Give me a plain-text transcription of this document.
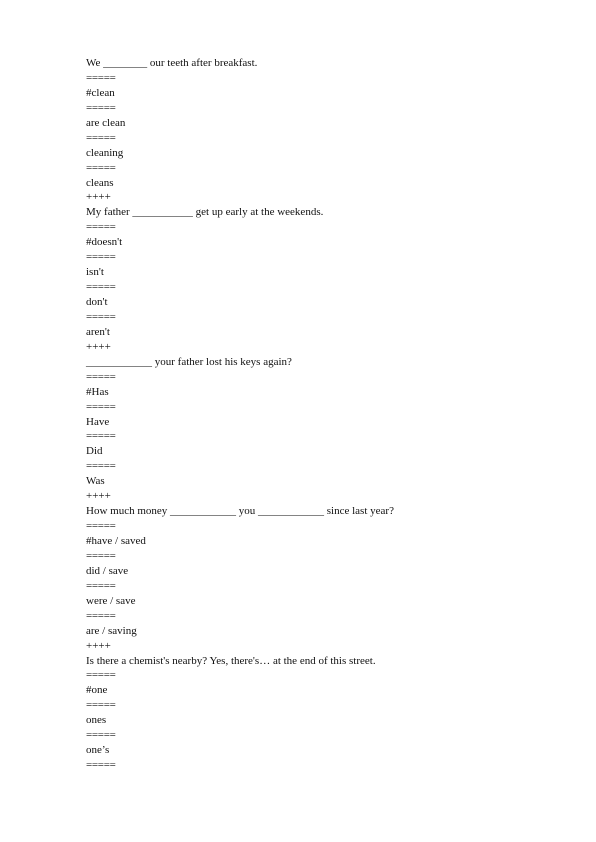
We ________ our teeth after breakfast.
=====
#clean
=====
are clean
=====
cleaning
=====
cleans
++++
My father ___________ get up early at the weekends.
=====
#doesn't
=====
isn't
=====
don't
=====
aren't
++++
____________ your father lost his keys again?
=====
#Has
=====
Have
=====
Did
=====
Was
++++
How much money ____________ you ____________ since last year?
=====
#have / saved
=====
did / save
=====
were / save
=====
are / saving
++++
Is there a chemist's nearby? Yes, there's… at the end of this street.
=====
#one
=====
ones
=====
one’s
=====
